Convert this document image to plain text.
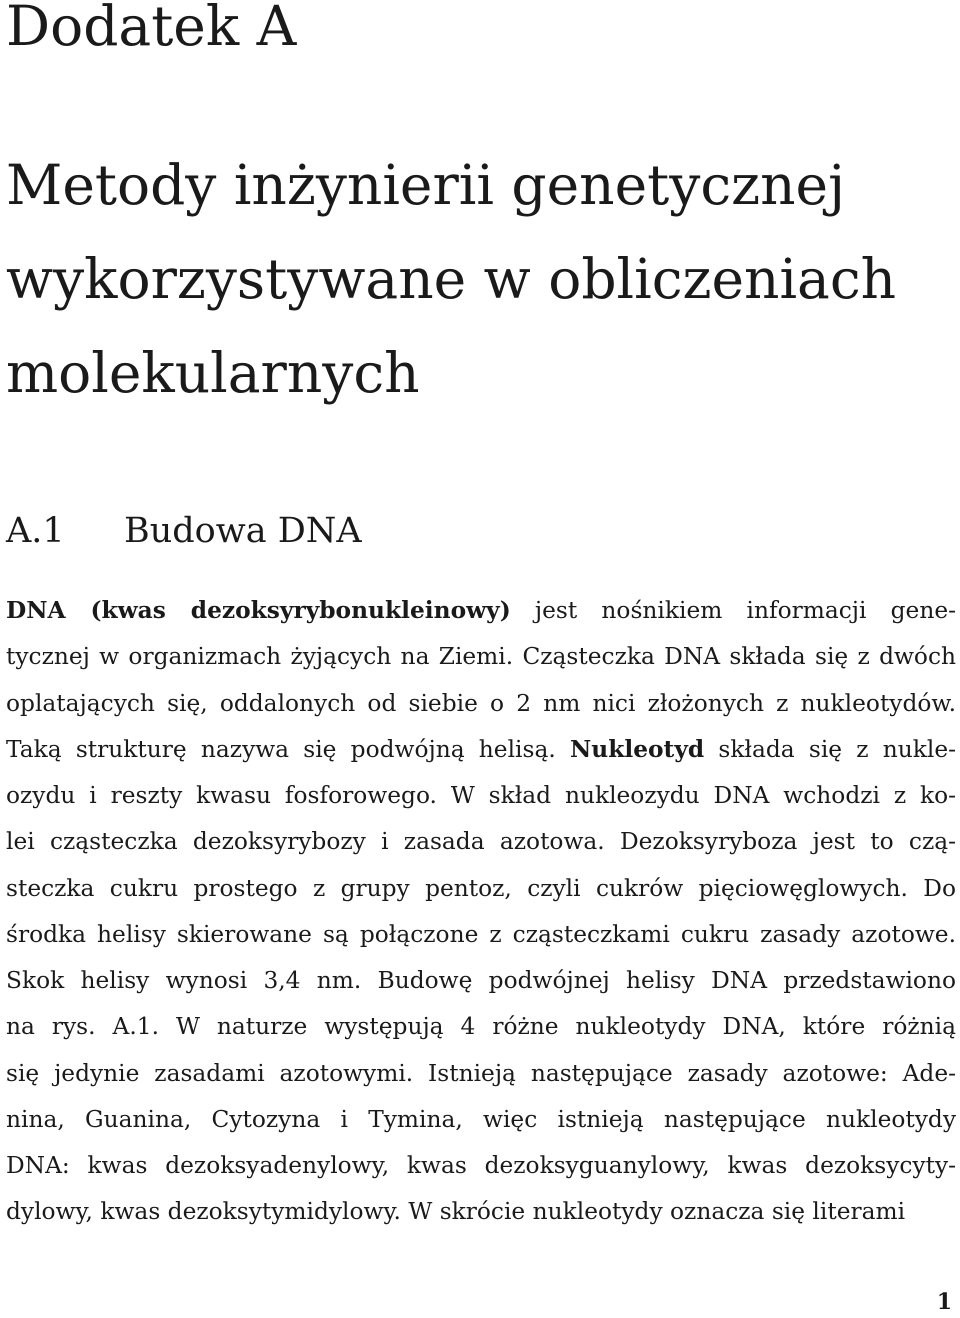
Dodatek A
Metody inżynierii genetycznej
wykorzystywane w obliczeniach
molekularnych
A.1 Budowa DNA
DNA (kwas dezoksyrybonukleinowy) jest nośnikiem informacji gene-
tycznej w organizmach żyjących na Ziemi. Cząsteczka DNA składa się z dwóch
oplatających się, oddalonych od siebie o 2 nm nici złożonych z nukleotydów.
Taką strukturę nazywa się podwójną helisą. Nukleotyd składa się z nukle-
ozydu i reszty kwasu fosforowego. W skład nukleozydu DNA wchodzi z ko-
lei cząsteczka dezoksyrybozy i zasada azotowa. Dezoksyryboza jest to czą-
steczka cukru prostego z grupy pentoz, czyli cukrów pięciowęglowych. Do
środka helisy skierowane są połączone z cząsteczkami cukru zasady azotowe.
Skok helisy wynosi 3,4 nm. Budowę podwójnej helisy DNA przedstawiono
na rys. A.1. W naturze występują 4 różne nukleotydy DNA, które różnią
się jedynie zasadami azotowymi. Istnieją następujące zasady azotowe: Ade-
nina, Guanina, Cytozyna i Tymina, więc istnieją następujące nukleotydy
DNA: kwas dezoksyadenylowy, kwas dezoksyguanylowy, kwas dezoksycyty-
dylowy, kwas dezoksytymidylowy. W skrócie nukleotydy oznacza się literami
1
